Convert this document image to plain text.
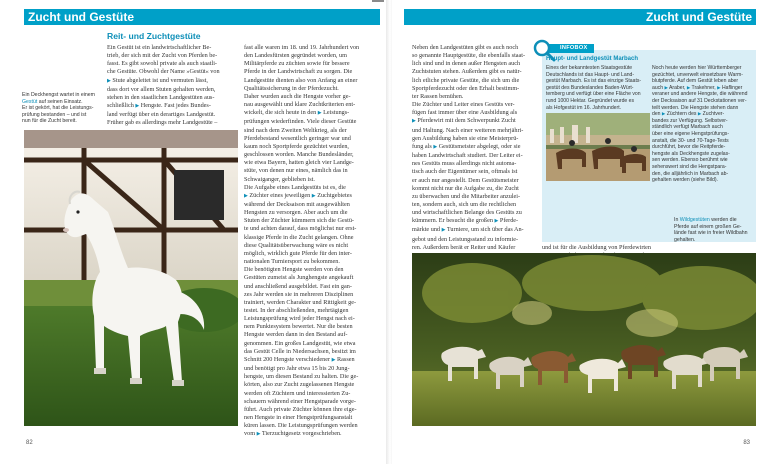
Zucht und Gestüte
Ein Deckhengst wartet in einem
Gestüt auf seinen Einsatz.
Er ist gekört, hat die Leistungs-
prüfung bestanden – und ist
nun für die Zucht bereit.
Reit- und Zuchtgestüte

Ein Gestüt ist ein landwirtschaftlicher Be-

trieb, der sich mit der Zucht von Pferden be-

fasst. Es gibt sowohl private als auch staatli-

che Gestüte. Obwohl der Name »Gestüt« von

▶ Stute abgeleitet ist und vermuten lässt,

dass dort vor allem Stuten gehalten werden,

stehen in den staatlichen Landgestüten aus-

schließlich ▶ Hengste. Fast jedes Bundes-

land verfügt über ein derartiges Landgestüt.

Früher gab es allerdings mehr Landgestüte –

fast alle waren im 18. und 19. Jahrhundert von

den Landesfürsten gegründet worden, um

Militärpferde zu züchten sowie für bessere

Pferde in der Landwirtschaft zu sorgen. Die

Landgestüte dienten also von Anfang an einer

Qualitätssicherung in der Pferdezucht.

Daher wurden auch die Hengste vorher ge-

nau ausgewählt und klare Zuchtkriterien ent-

wickelt, die sich heute in den ▶ Leistungs-

prüfungen wiederfinden. Viele dieser Gestüte

sind nach dem Zweiten Weltkrieg, als der

Pferdebestand wesentlich geringer war und

kaum noch Sportpferde gezüchtet wurden,

geschlossen worden. Manche Bundesländer,

wie etwa Bayern, hatten gleich vier Landge-

stüte, von denen nur eines, nämlich das in

Schwaiganger, geblieben ist.

Die Aufgabe eines Landgestüts ist es, die

▶ Züchter eines jeweiligen ▶ Zuchtgebietes

während der Decksaison mit ausgewählten

Hengsten zu versorgen. Aber auch um die

Stuten der Züchter kümmern sich die Gestü-

te und achten darauf, dass möglichst nur erst-

klassige Pferde in die Zucht gelangen. Ohne

diese Qualitätsüberwachung wäre es nicht

möglich, wirklich gute Pferde für den inter-

nationalen Turniersport zu bekommen.

Die benötigten Hengste werden von den

Gestüten zumeist als Junghengste angekauft

und anschließend ausgebildet. Fast ein gan-

zes Jahr werden sie in mehreren Disziplinen

trainiert, werden Charakter und Rittigkeit ge-

testet. In der abschließenden, mehrtägigen

Leistungsprüfung wird jeder Hengst nach ei-

nem Punktesystem bewertet. Nur die besten

Hengste werden dann in den Bestand auf-

genommen. Ein großes Landgestüt, wie etwa

das Gestüt Celle in Niedersachsen, besitzt im

Schnitt 200 Hengste verschiedener ▶ Rassen

und benötigt pro Jahr etwa 15 bis 20 Jung-

hengste, um diesen Bestand zu halten. Die ge-

körten, also zur Zucht zugelassenen Hengste

werden oft Züchtern und interessierten Zu-

schauern während einer Hengstparade vorge-

führt. Auch private Züchter können ihre eige-

nen Hengste in einer Hengstprüfungsanstalt

küren lassen. Die Leistungsprüfungen werden

vom ▶ Tierzuchtgesetz vorgeschrieben.

82
Zucht und Gestüte

Neben den Landgestüten gibt es auch noch

so genannte Hauptgestüte, die ebenfalls staat-

lich sind und in denen außer Hengsten auch

Zuchtstuten stehen. Außerdem gibt es natür-

lich etliche private Gestüte, die sich um die

Sportpferdezucht oder den Erhalt bestimm-

ter Rassen bemühen.

Die Züchter und Leiter eines Gestüts ver-

fügen fast immer über eine Ausbildung als

▶ Pferdewirt mit dem Schwerpunkt Zucht

und Haltung. Nach einer weiteren mehrjähri-

gen Ausbildung haben sie eine Meisterprü-

fung als ▶ Gestütsmeister abgelegt, oder sie

haben Landwirtschaft studiert. Der Leiter ei-

nes Gestüts muss allerdings nicht automa-

tisch auch der Eigentümer sein, oftmals ist

er auch nur angestellt. Dem Gestütsmeister

kommt nicht nur die Aufgabe zu, die Zucht

zu überwachen und die Mitarbeiter anzulei-

ten, sondern auch, sich um die rechtlichen

und wirtschaftlichen Belange des Gestüts zu

kümmern. Er besucht die großen ▶ Pferde-

märkte und ▶ Turniere, um sich über das An-

gebot und den Leistungsstand zu informie-

ren. Außerdem berät er Reiter und Käufer

INFOBOX
Haupt- und Landgestüt Marbach

Eines der bekanntesten Staatsgestüte

Deutschlands ist das Haupt- und Land-

gestüt Marbach. Es ist das einzige Staats-

gestüt des Bundeslandes Baden-Würt-

temberg und verfügt über eine Fläche von

rund 1000 Hektar. Gegründet wurde es

als Hofgestüt im 16. Jahrhundert.

Noch heute werden hier Württemberger

gezüchtet, unverwelt einsetzbare Warm-

blutpferde. Auf dem Gestüt leben aber

auch ▶ Araber, ▶ Trakehner, ▶ Haflinger

veraner und andere Hengste, die während

der Decksaison auf 31 Deckstationen ver-

teilt werden. Die Hengste stehen dann

den ▶ Züchtern des ▶ Zuchtver-

bandes zur Verfügung. Selbstver-

ständlich verfügt Marbach auch

über eine eigene Hengstprüfungs-

anstalt, die 30- und 70-Tage-Tests

durchführt, bevor die Reitpferde-

hengste als Deckhengste zugelas-

sen werden. Ebenso berühmt wie

sehenswert sind die Hengstpara-

den, die alljährlich in Marbach ab-

gehalten werden (siehe Bild).

und ist für die Ausbildung von Pferdewirten

In Wildgestüten werden die
Pferde auf einem großen Ge-
lände fast wie in freier Wildbahn
gehalten.
83
